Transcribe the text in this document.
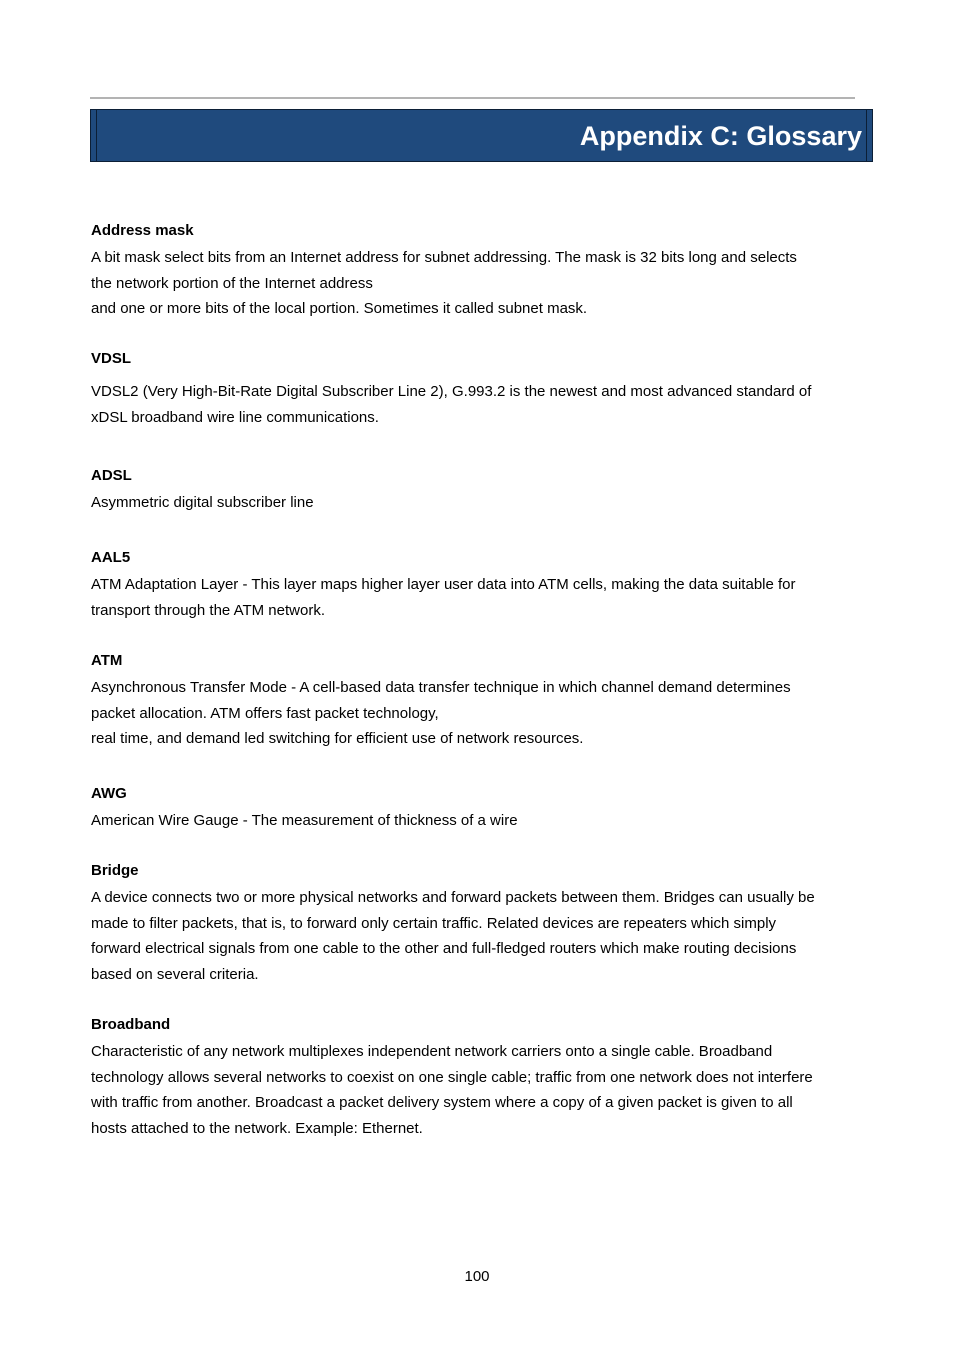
Appendix C: Glossary

Address mask

A bit mask select bits from an Internet address for subnet addressing. The mask is 32 bits long and selects
the network portion of the Internet address
and one or more bits of the local portion. Sometimes it called subnet mask.

VDSL

VDSL2 (Very High-Bit-Rate Digital Subscriber Line 2), G.993.2 is the newest and most advanced standard of
xDSL broadband wire line communications.

ADSL

Asymmetric digital subscriber line

AAL5

ATM Adaptation Layer - This layer maps higher layer user data into ATM cells, making the data suitable for
transport through the ATM network.

ATM

Asynchronous Transfer Mode - A cell-based data transfer technique in which channel demand determines
packet allocation. ATM offers fast packet technology,
real time, and demand led switching for efficient use of network resources.

AWG

American Wire Gauge - The measurement of thickness of a wire

Bridge

A device connects two or more physical networks and forward packets between them. Bridges can usually be
made to filter packets, that is, to forward only certain traffic. Related devices are repeaters which simply
forward electrical signals from one cable to the other and full-fledged routers which make routing decisions
based on several criteria.

Broadband

Characteristic of any network multiplexes independent network carriers onto a single cable. Broadband
technology allows several networks to coexist on one single cable; traffic from one network does not interfere
with traffic from another. Broadcast a packet delivery system where a copy of a given packet is given to all
hosts attached to the network. Example: Ethernet.

100
